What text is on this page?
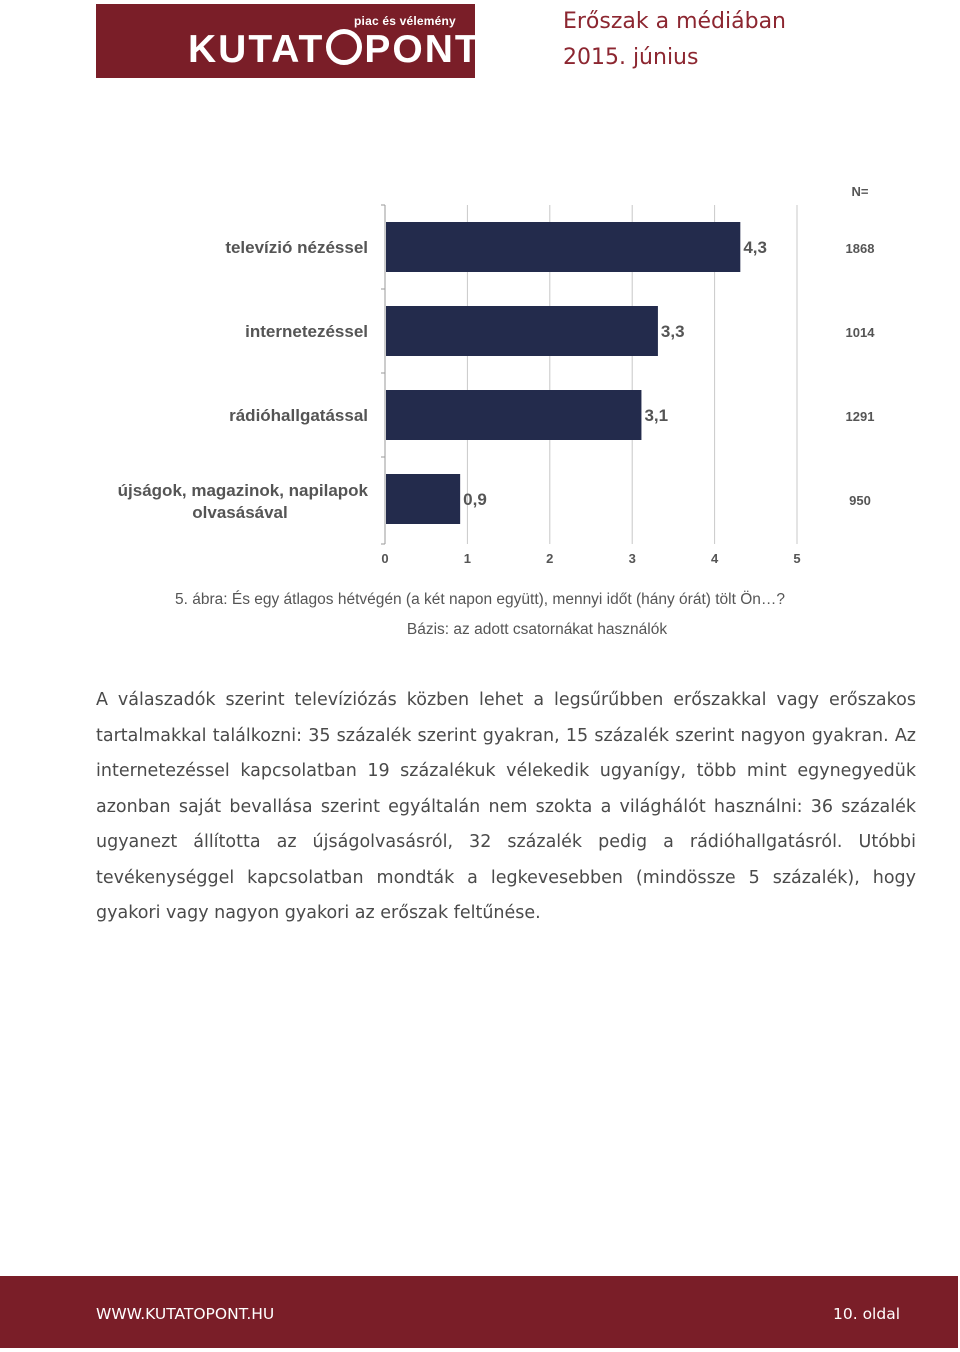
piac és vélemény
KUTAT PONT
Erőszak a médiában
2015. június
0	1	2	3	4	5
N=
4,3
televízió nézéssel	1868
3,3
internetezéssel	1014
3,1
rádióhallgatással	1291
0,9
újságok, magazinok, napilapok
olvasásával
950
5. ábra: És egy átlagos hétvégén (a két napon együtt), mennyi időt (hány órát) tölt Ön…?
Bázis: az adott csatornákat használók

A válaszadók szerint televíziózás közben lehet a legsűrűbben erőszakkal vagy erőszakos tartalmakkal találkozni: 35 százalék szerint gyakran, 15 százalék szerint nagyon gyakran. Az internetezéssel kapcsolatban 19 százalékuk vélekedik ugyanígy, több mint egynegyedük azonban saját bevallása szerint egyáltalán nem szokta a világhálót használni: 36 százalék ugyanezt állította az újságolvasásról, 32 százalék pedig a rádióhallgatásról. Utóbbi tevékenységgel kapcsolatban mondták a legkevesebben (mindössze 5 százalék), hogy gyakori vagy nagyon gyakori az erőszak feltűnése.

WWW.KUTATOPONT.HU	10. oldal
